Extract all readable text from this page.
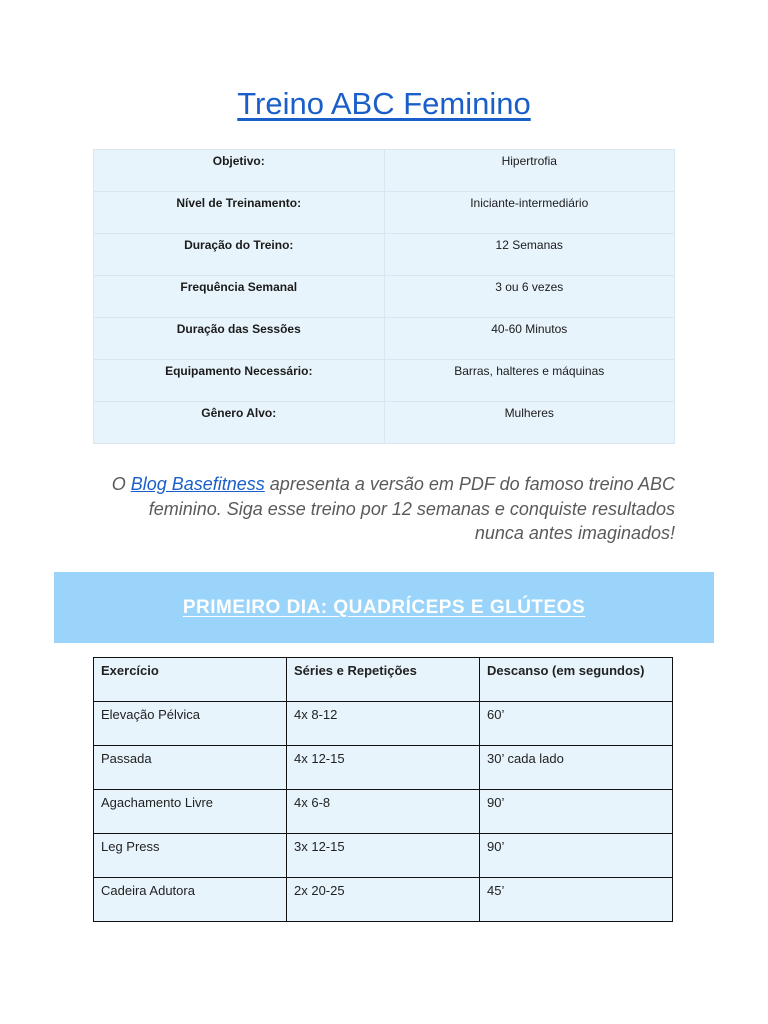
Treino ABC Feminino
Objetivo:	Hipertrofia
Nível de Treinamento:	Iniciante-intermediário
Duração do Treino:	12 Semanas
Frequência Semanal	3 ou 6 vezes
Duração das Sessões	40-60 Minutos
Equipamento Necessário:	Barras, halteres e máquinas
Gênero Alvo:	Mulheres

O Blog Basefitness apresenta a versão em PDF do famoso treino ABC feminino. Siga esse treino por 12 semanas e conquiste resultados nunca antes imaginados!

PRIMEIRO DIA: QUADRÍCEPS E GLÚTEOS
Exercício	Séries e Repetições	Descanso (em segundos)
Elevação Pélvica	4x 8-12	60’
Passada	4x 12-15	30’ cada lado
Agachamento Livre	4x 6-8	90’
Leg Press	3x 12-15	90’
Cadeira Adutora	2x 20-25	45’
